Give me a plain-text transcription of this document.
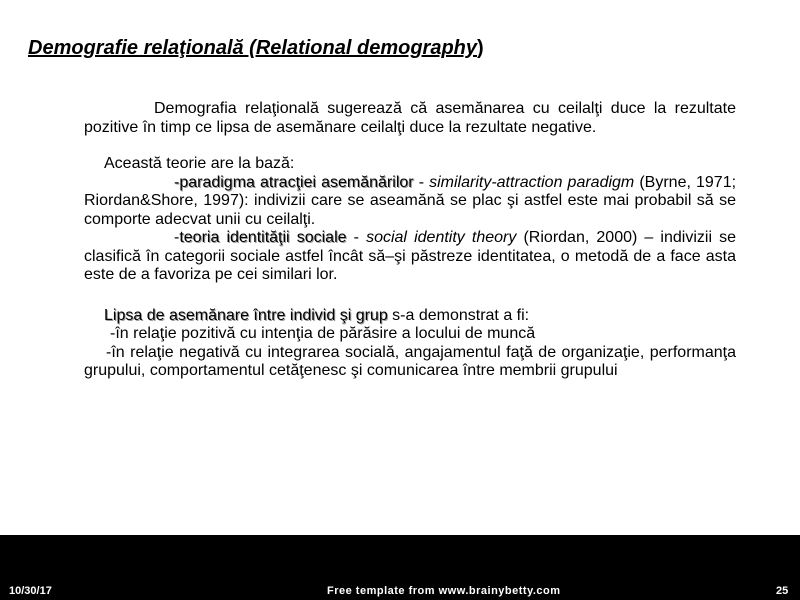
Demografie relaţională (Relational demography)

Demografia relaţională sugerează că asemănarea cu ceilalţi duce la rezultate pozitive în timp ce lipsa de asemănare ceilalţi duce la rezultate negative.

Această teorie are la bază:

-paradigma atracţiei asemănărilor - similarity-attraction paradigm (Byrne, 1971; Riordan&Shore, 1997): indivizii care se aseamănă se plac şi astfel este mai probabil să se comporte adecvat unii cu ceilalţi.

-teoria identităţii sociale - social identity theory (Riordan, 2000) – indivizii se clasifică în categorii sociale astfel încât să–şi păstreze identitatea, o metodă de a face asta este de a favoriza pe cei similari lor.

Lipsa de asemănare între individ şi grup s-a demonstrat a fi:

-în relaţie pozitivă cu intenţia de părăsire a locului de muncă

-în relaţie negativă cu integrarea socială, angajamentul faţă de organizaţie, performanţa grupului, comportamentul cetăţenesc şi comunicarea între membrii grupului

10/30/17	Free template from www.brainybetty.com	25
